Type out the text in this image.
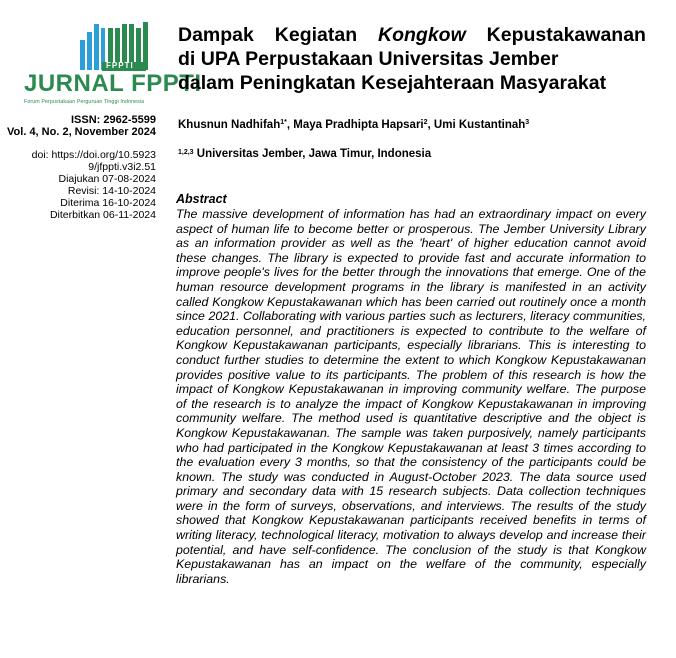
FPPTI
JURNAL FPPTI
Forum Perpustakaan Perguruan Tinggi Indonesia
ISSN: 2962-5599
Vol. 4, No. 2, November 2024
doi: https://doi.org/10.5923
9/jfppti.v3i2.51
Diajukan 07-08-2024
Revisi: 14-10-2024
Diterima 16-10-2024
Diterbitkan 06-11-2024
Dampak Kegiatan Kongkow Kepustakawanan
di UPA Perpustakaan Universitas Jember
dalam Peningkatan Kesejahteraan Masyarakat
Khusnun Nadhifah$^{1*}$, Maya Pradhipta Hapsari$^2$, Umi Kustantinah$^3$
$^{1,2,3}$ Universitas Jember, Jawa Timur, Indonesia
Abstract
The massive development of information has had an extraordinary impact on every aspect of human life to become better or prosperous. The Jember University Library as an information provider as well as the 'heart' of higher education cannot avoid these changes. The library is expected to provide fast and accurate information to improve people's lives for the better through the innovations that emerge. One of the human resource development programs in the library is manifested in an activity called Kongkow Kepustakawanan which has been carried out routinely once a month since 2021. Collaborating with various parties such as lecturers, literacy communities, education personnel, and practitioners is expected to contribute to the welfare of Kongkow Kepustakawanan participants, especially librarians. This is interesting to conduct further studies to determine the extent to which Kongkow Kepustakawanan provides positive value to its participants. The problem of this research is how the impact of Kongkow Kepustakawanan in improving community welfare. The purpose of the research is to analyze the impact of Kongkow Kepustakawanan in improving community welfare. The method used is quantitative descriptive and the object is Kongkow Kepustakawanan. The sample was taken purposively, namely participants who had participated in the Kongkow Kepustakawanan at least 3 times according to the evaluation every 3 months, so that the consistency of the participants could be known. The study was conducted in August-October 2023. The data source used primary and secondary data with 15 research subjects. Data collection techniques were in the form of surveys, observations, and interviews. The results of the study showed that Kongkow Kepustakawanan participants received benefits in terms of writing literacy, technological literacy, motivation to always develop and increase their potential, and have self-confidence. The conclusion of the study is that Kongkow Kepustakawanan has an impact on the welfare of the community, especially librarians.
